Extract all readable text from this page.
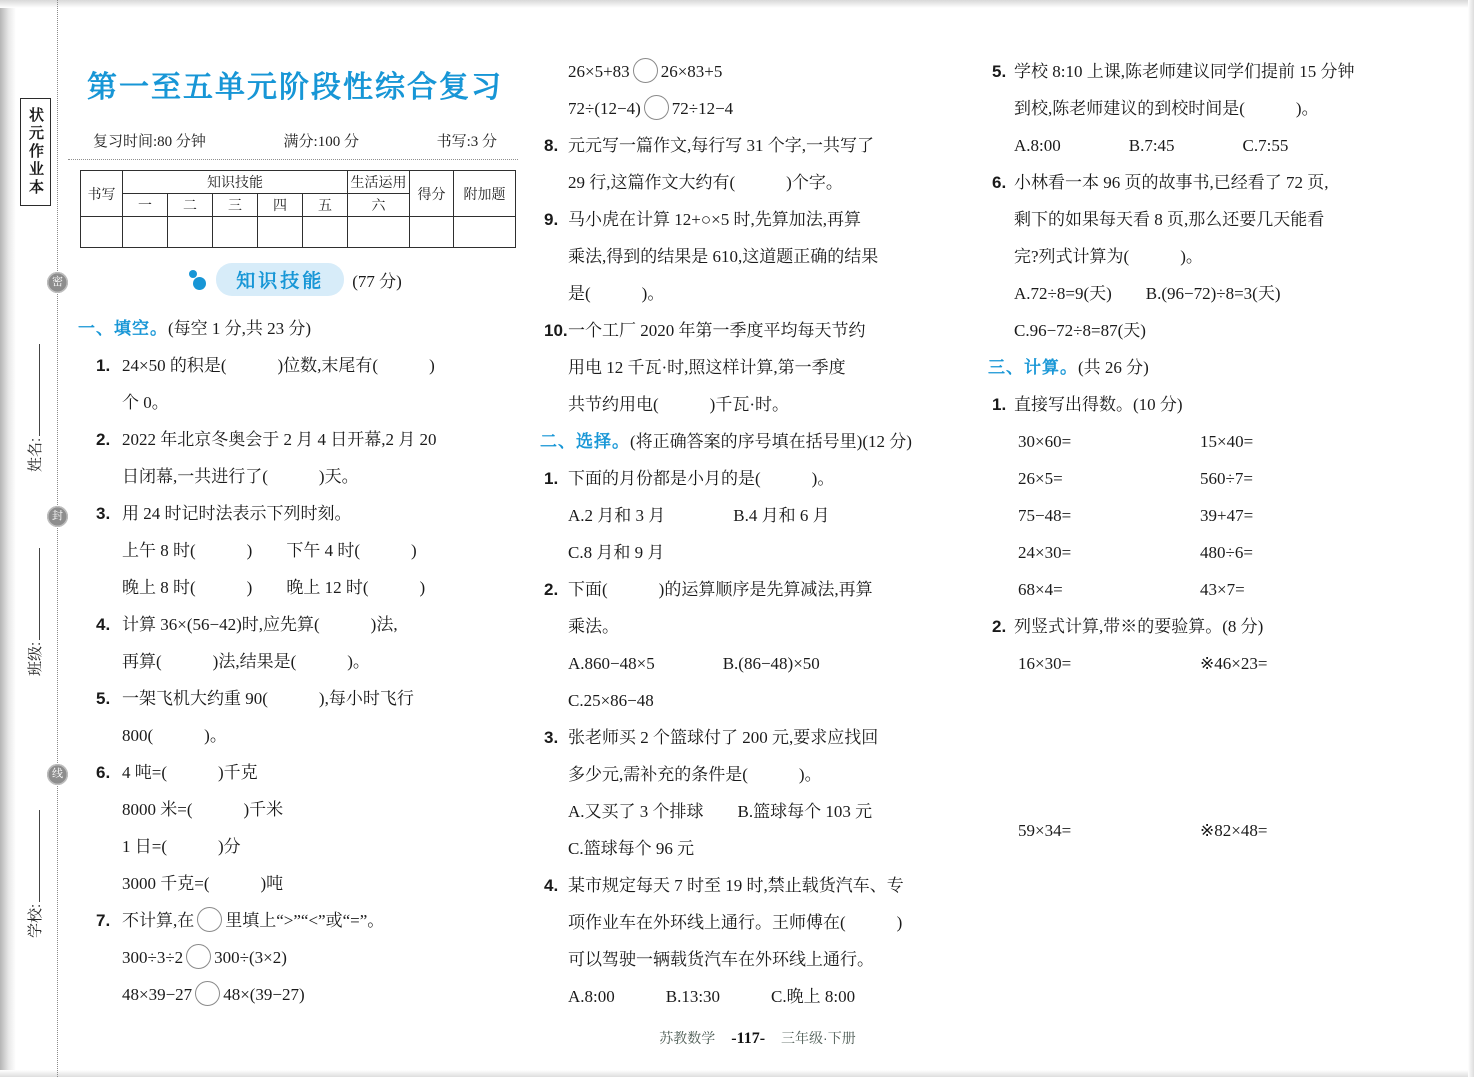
状元作业本
姓名:
班级:
学校:
密
封
线
第一至五单元阶段性综合复习
复习时间:80 分钟	满分:100 分	书写:3 分
书写	知识技能					生活运用	得分	附加题
	一	二	三	四	五	六		

知识技能	(77 分)
一、填空。(每空 1 分,共 23 分)
1. 24×50 的积是(　　　)位数,末尾有(　　　)
个 0。
2. 2022 年北京冬奥会于 2 月 4 日开幕,2 月 20
日闭幕,一共进行了(　　　)天。
3. 用 24 时记时法表示下列时刻。
上午 8 时(　　　)　　下午 4 时(　　　)
晚上 8 时(　　　)　　晚上 12 时(　　　)
4. 计算 36×(56−42)时,应先算(　　　)法,
再算(　　　)法,结果是(　　　)。
5. 一架飞机大约重 90(　　　),每小时飞行
800(　　　)。
6. 4 吨=(　　　)千克
8000 米=(　　　)千米
1 日=(　　　)分
3000 千克=(　　　)吨
7. 不计算,在 里填上“>”“<”或“=”。
300÷3÷2 300÷(3×2)
48×39−27 48×(39−27)
26×5+83 26×83+5
72÷(12−4) 72÷12−4
8. 元元写一篇作文,每行写 31 个字,一共写了
29 行,这篇作文大约有(　　　)个字。
9. 马小虎在计算 12+○×5 时,先算加法,再算
乘法,得到的结果是 610,这道题正确的结果
是(　　　)。
10. 一个工厂 2020 年第一季度平均每天节约
用电 12 千瓦·时,照这样计算,第一季度
共节约用电(　　　)千瓦·时。
二、选择。(将正确答案的序号填在括号里)(12 分)
1. 下面的月份都是小月的是(　　　)。
A.2 月和 3 月　　　　B.4 月和 6 月
C.8 月和 9 月
2. 下面(　　　)的运算顺序是先算减法,再算
乘法。
A.860−48×5　　　　B.(86−48)×50
C.25×86−48
3. 张老师买 2 个篮球付了 200 元,要求应找回
多少元,需补充的条件是(　　　)。
A.又买了 3 个排球　　B.篮球每个 103 元
C.篮球每个 96 元
4. 某市规定每天 7 时至 19 时,禁止载货汽车、专
项作业车在外环线上通行。王师傅在(　　　)
可以驾驶一辆载货汽车在外环线上通行。
A.8:00　　　B.13:30　　　C.晚上 8:00
5. 学校 8:10 上课,陈老师建议同学们提前 15 分钟
到校,陈老师建议的到校时间是(　　　)。
A.8:00　　　　B.7:45　　　　C.7:55
6. 小林看一本 96 页的故事书,已经看了 72 页,
剩下的如果每天看 8 页,那么还要几天能看
完?列式计算为(　　　)。
A.72÷8=9(天)　　B.(96−72)÷8=3(天)
C.96−72÷8=87(天)
三、计算。(共 26 分)
1. 直接写出得数。(10 分)
30×60=	15×40=
26×5=	560÷7=
75−48=	39+47=
24×30=	480÷6=
68×4=	43×7=
2. 列竖式计算,带※的要验算。(8 分)
16×30=	※46×23=
59×34=	※82×48=
苏教数学 -117- 三年级·下册
